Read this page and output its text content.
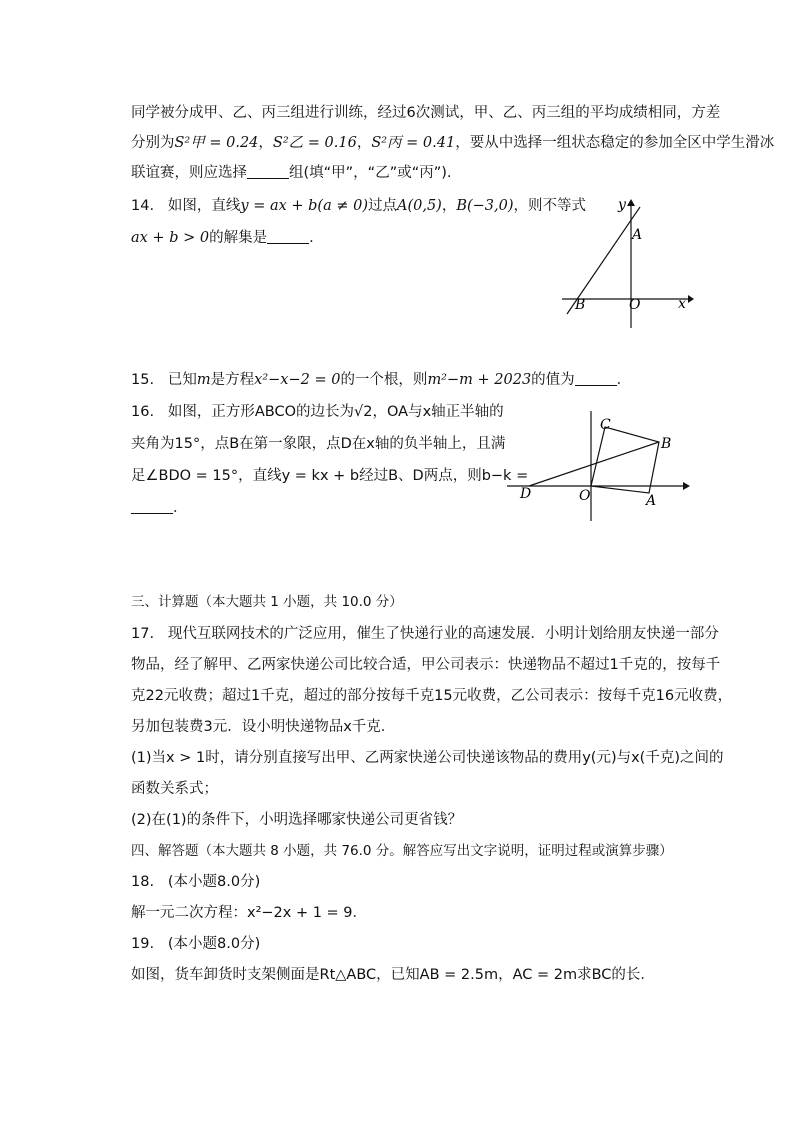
同学被分成甲、乙、丙三组进行训练，经过6次测试，甲、乙、丙三组的平均成绩相同，方差
分别为S²甲 = 0.24，S²乙 = 0.16，S²丙 = 0.41，要从中选择一组状态稳定的参加全区中学生滑冰
联谊赛，则应选择	组(填“甲”，“乙”或“丙”).
14. 如图，直线y = ax + b(a ≠ 0)过点A(0,5)，B(−3,0)，则不等式
ax + b > 0的解集是	．
y
A
B	O	x
15. 已知m是方程x²−x−2 = 0的一个根，则m²−m + 2023的值为	．
16. 如图，正方形ABCO的边长为√2，OA与x轴正半轴的
夹角为15°，点B在第一象限，点D在x轴的负半轴上，且满
足∠BDO = 15°，直线y = kx + b经过B、D两点，则b−k =
．
C
B
D	O	A
三、计算题（本大题共 1 小题，共 10.0 分）
17. 现代互联网技术的广泛应用，催生了快递行业的高速发展．小明计划给朋友快递一部分
物品，经了解甲、乙两家快递公司比较合适，甲公司表示：快递物品不超过1千克的，按每千
克22元收费；超过1千克，超过的部分按每千克15元收费，乙公司表示：按每千克16元收费，
另加包装费3元．设小明快递物品x千克．
(1)当x > 1时，请分别直接写出甲、乙两家快递公司快递该物品的费用y(元)与x(千克)之间的
函数关系式；
(2)在(1)的条件下，小明选择哪家快递公司更省钱？
四、解答题（本大题共 8 小题，共 76.0 分。解答应写出文字说明，证明过程或演算步骤）
18. (本小题8.0分)
解一元二次方程：x²−2x + 1 = 9．
19. (本小题8.0分)
如图，货车卸货时支架侧面是Rt△ABC，已知AB = 2.5m，AC = 2m求BC的长．
